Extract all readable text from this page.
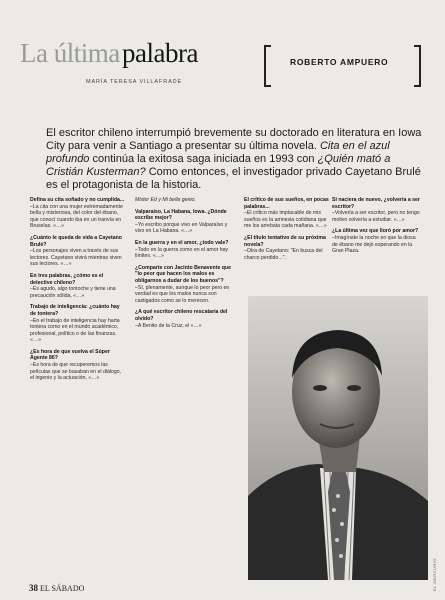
La última palabra
MARÍA TERESA VILLAFRADE
ROBERTO AMPUERO

El escritor chileno interrumpió brevemente su doctorado en literatura en Iowa City para venir a Santiago a presentar su última novela. Cita en el azul profundo continúa la exitosa saga iniciada en 1993 con ¿Quién mató a Cristián Kusterman? Como entonces, el investigador privado Cayetano Brulé es el protagonista de la historia.

Defina su cita soñado y no cumplida...

–La cita con una mujer extremadamente bella y misteriosa, del color del ébano, que conocí cuando iba en un tranvía en Bruselas. «…»

¿Cuánto le queda de vida a Cayetano Brulé?

–Los personajes viven a través de sus lectores. Cayetano vivirá mientras viven sus lectores. «…»

En tres palabras, ¿cómo es el detective chileno?

–Es agudo, algo tontoche y tiene una precaución sólida, «…»

Trabajo de inteligencia: ¿cuánto hay de tontera?

–En el trabajo de inteligencia hay harta tontera como en el mundo académico, profesional, político o de las finanzas. «…»

¿Es hora de que vuelva el Súper Agente 86?

–Es hora de que recuperemos las películas que se basaban en el diálogo, el ingenio y la actuación, «…»

Mister Ed y Mi bella genio.

Valparaíso, La Habana, Iowa. ¿Dónde escribe mejor?

–Yo escribo porque vivo en Valparaíso y vivo en La Habana. «…»

En la guerra y en el amor, ¿todo vale?

–Todo en la guerra como en el amor hay límites. «…»

¿Comparte con Jacinto Benavente que "lo peor que hacen los malos es obligarnos a dudar de los buenos"?

–Sí, plenamente, aunque lo peor pero en verdad es que los malos nunca son castigados como se lo merecen.

¿A qué escritor chileno rescataría del olvido?

–A Benito de la Cruz, el «…»

El crítico de sus sueños, en pocas palabras...

–El crítico más implacable de mis sueños es la amnesia cotidiana que me los arrebata cada mañana. «…»

¿El título tentativo de su próxima novela?

–Otra de Cayetano: "En busca del charco perdido...".

Si naciera de nuevo, ¿volvería a ser escritor?

–Volvería a ser escritor, pero no tengo motivo volvería a estudiar. «…»

¿La última vez que lloró por amor?

–Imagínate la noche en que la diosa de ébano me dejó esperando en la Gran Plaza.

EL MERCURIO
38 EL SÁBADO
